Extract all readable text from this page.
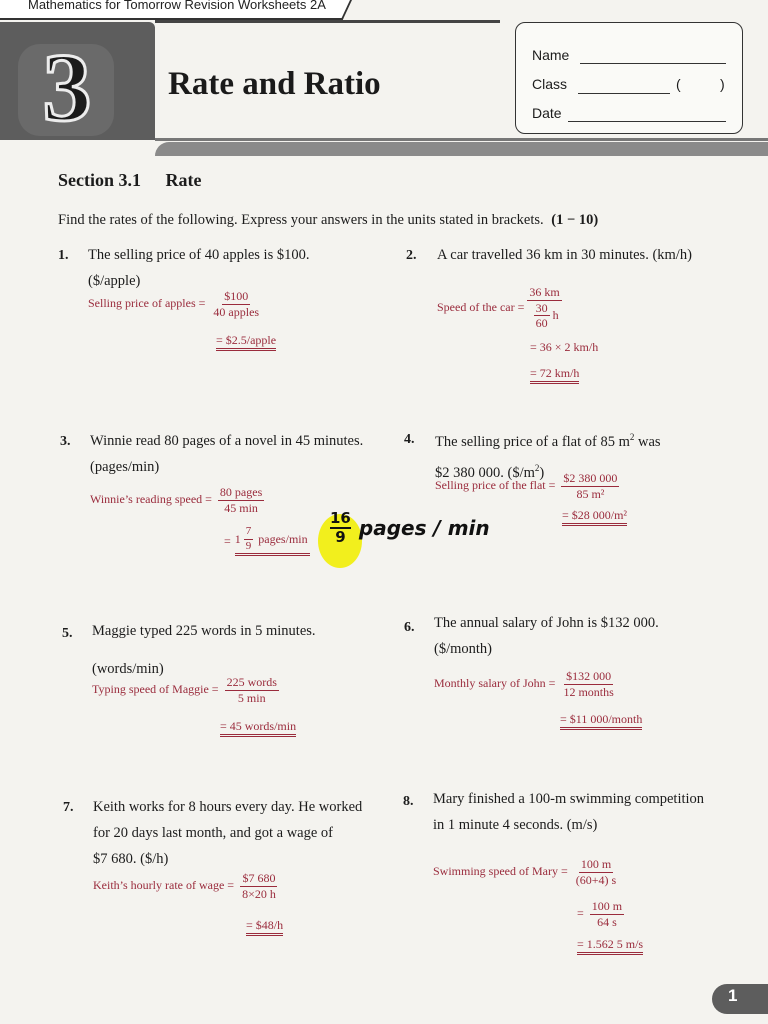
Mathematics for Tomorrow Revision Worksheets 2A
3	Rate and Ratio
Name
Class	(	)
Date
Section 3.1 Rate
Find the rates of the following. Express your answers in the units stated in brackets. (1 − 10)
1. The selling price of 40 apples is $100.
($/apple)
Selling price of apples = $\frac{\$100}{\text{40 apples}}$
= $2.5/apple
2. A car travelled 36 km in 30 minutes. (km/h)
Speed of the car = $\frac{36 km}{\frac{30}{60} h}$
= 36 × 2 km/h
= 72 km/h
3. Winnie read 80 pages of a novel in 45 minutes.
(pages/min)
Winnie’s reading speed = $\frac{\text{80 pages}}{45 \min}$
= $1 \frac{7}{9}$ pages/min
16
9 pages / min
4. The selling price of a flat of 85 $m^2$ was
$2 380 000. $(\$/m^2)$
Selling price of the flat = $\frac{\$2 380 000}{\text{85 m²}}$
= $28 000/m²
5. Maggie typed 225 words in 5 minutes.
(words/min)
Typing speed of Maggie = $\frac{\text{225 words}}{5 \min}$
= 45 words/min
6. The annual salary of John is $132 000.
($/month)
Monthly salary of John = $\frac{\$132 000}{\text{12 months}}$
= $11 000/month
7. Keith works for 8 hours every day. He worked
for 20 days last month, and got a wage of
$7 680. ($/h)
Keith’s hourly rate of wage = $\frac{\$7 680}{8\times 20 h}$
= $48/h
8. Mary finished a 100-m swimming competition
in 1 minute 4 seconds. (m/s)
Swimming speed of Mary = $\frac{100 m}{(60+4) s}$
= $\frac{100 m}{64 s}$
= 1.562 5 m/s
1
